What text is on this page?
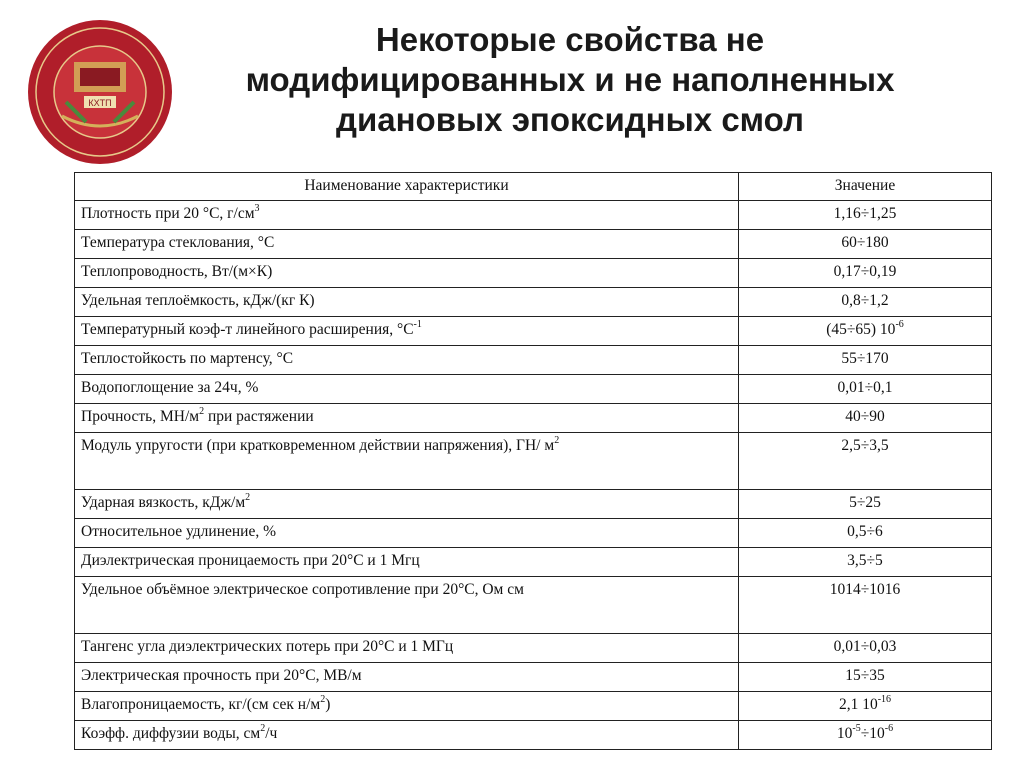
КХТП
Некоторые свойства не
модифицированных и не наполненных
диановых эпоксидных смол
Наименование характеристики	Значение
Плотность при 20 °С, $г/см^3$	1,16÷1,25
Температура стеклования, °С	60÷180
Теплопроводность, Вт/(м×К)	0,17÷0,19
Удельная теплоёмкость, кДж/(кг К)	0,8÷1,2
Температурный коэф-т линейного расширения, $^\circ С^{-1}$	(45÷65) $10^{-6}$
Теплостойкость по мартенсу, °С	55÷170
Водопоглощение за 24ч, %	0,01÷0,1
Прочность, $МН/м^2$ при растяжении	40÷90
Модуль упругости (при кратковременном действии напряжения), ГН/ $м^2$	2,5÷3,5
Ударная вязкость, кДж/$м^2$	5÷25
Относительное удлинение, %	0,5÷6
Диэлектрическая проницаемость при 20°С и 1 Мгц	3,5÷5
Удельное объёмное электрическое сопротивление при 20°С, Ом см	1014÷1016
Тангенс угла диэлектрических потерь при 20°С и 1 МГц	0,01÷0,03
Электрическая прочность при 20°С, МВ/м	15÷35
Влагопроницаемость, кг/(см сек $н/м^2$)	2,1 $10^{-16}$
Коэфф. диффузии воды, $см^2/ч$	$10^{-5}\div 10^{-6}$
